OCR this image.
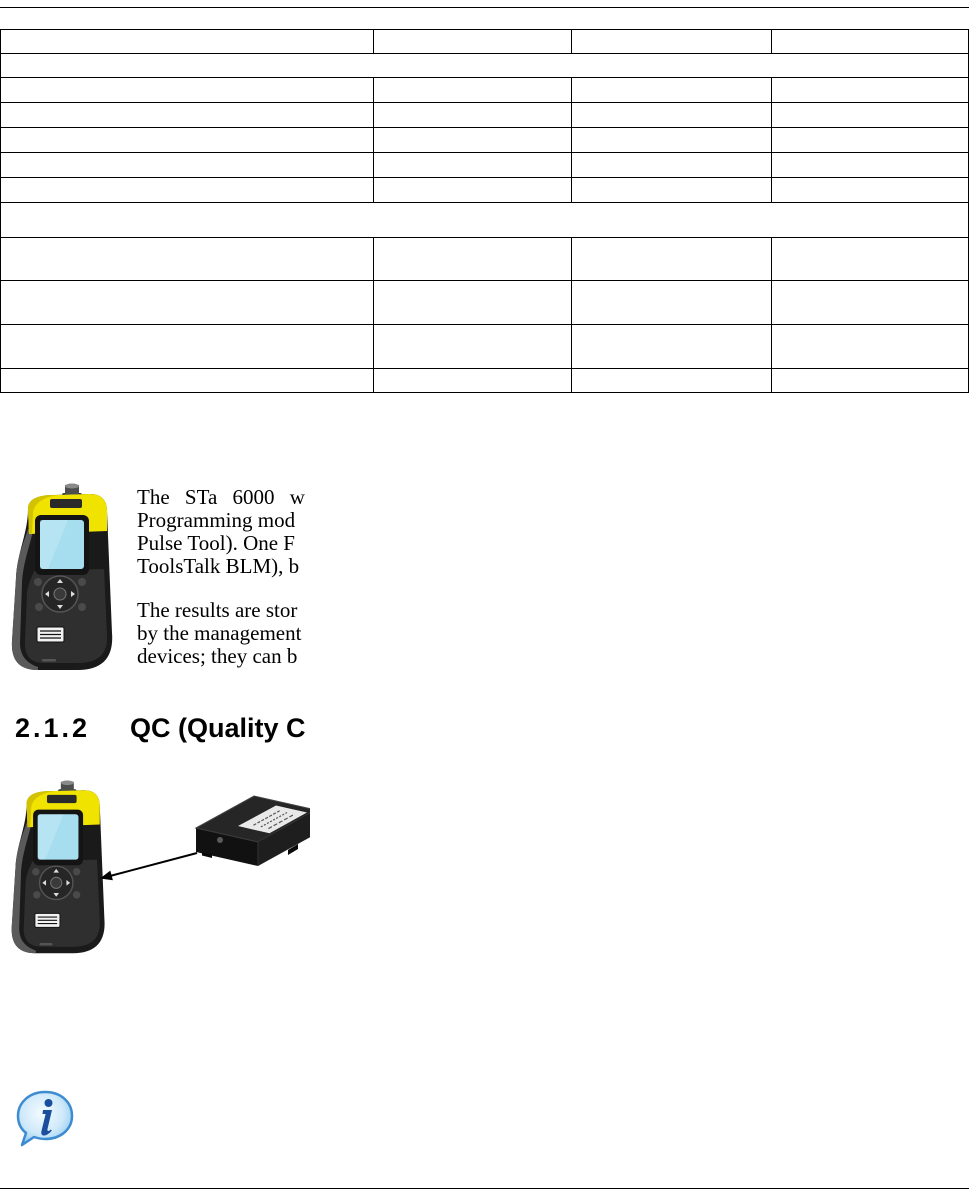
The STa 6000 w
Programming mod
Pulse Tool). One F
ToolsTalk BLM), b
The results are stor
by the management
devices; they can b
2.1.2 QC (Quality C
